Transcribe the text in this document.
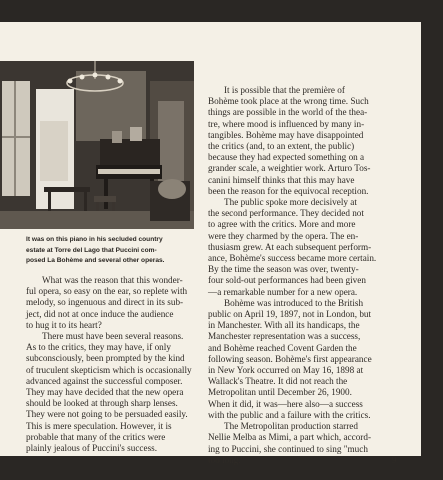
It was on this piano in his secluded country
estate at Torre del Lago that Puccini com-
posed La Bohème and several other operas.

What was the reason that this wonder-
ful opera, so easy on the ear, so replete with
melody, so ingenuous and direct in its sub-
ject, did not at once induce the audience
to hug it to its heart?

There must have been several reasons.
As to the critics, they may have, if only
subconsciously, been prompted by the kind
of truculent skepticism which is occasionally
advanced against the successful composer.
They may have decided that the new opera
should be looked at through sharp lenses.
They were not going to be persuaded easily.
This is mere speculation. However, it is
probable that many of the critics were
plainly jealous of Puccini's success.

It is possible that the première of
Bohème took place at the wrong time. Such
things are possible in the world of the thea-
tre, where mood is influenced by many in-
tangibles. Bohème may have disappointed
the critics (and, to an extent, the public)
because they had expected something on a
grander scale, a weightier work. Arturo Tos-
canini himself thinks that this may have
been the reason for the equivocal reception.

The public spoke more decisively at
the second performance. They decided not
to agree with the critics. More and more
were they charmed by the opera. The en-
thusiasm grew. At each subsequent perform-
ance, Bohème's success became more certain.
By the time the season was over, twenty-
four sold-out performances had been given
—a remarkable number for a new opera.

Bohème was introduced to the British
public on April 19, 1897, not in London, but
in Manchester. With all its handicaps, the
Manchester representation was a success,
and Bohème reached Covent Garden the
following season. Bohème's first appearance
in New York occurred on May 16, 1898 at
Wallack's Theatre. It did not reach the
Metropolitan until December 26, 1900.
When it did, it was—here also—a success
with the public and a failure with the critics.

The Metropolitan production starred
Nellie Melba as Mimi, a part which, accord-
ing to Puccini, she continued to sing "much
too long."	9
